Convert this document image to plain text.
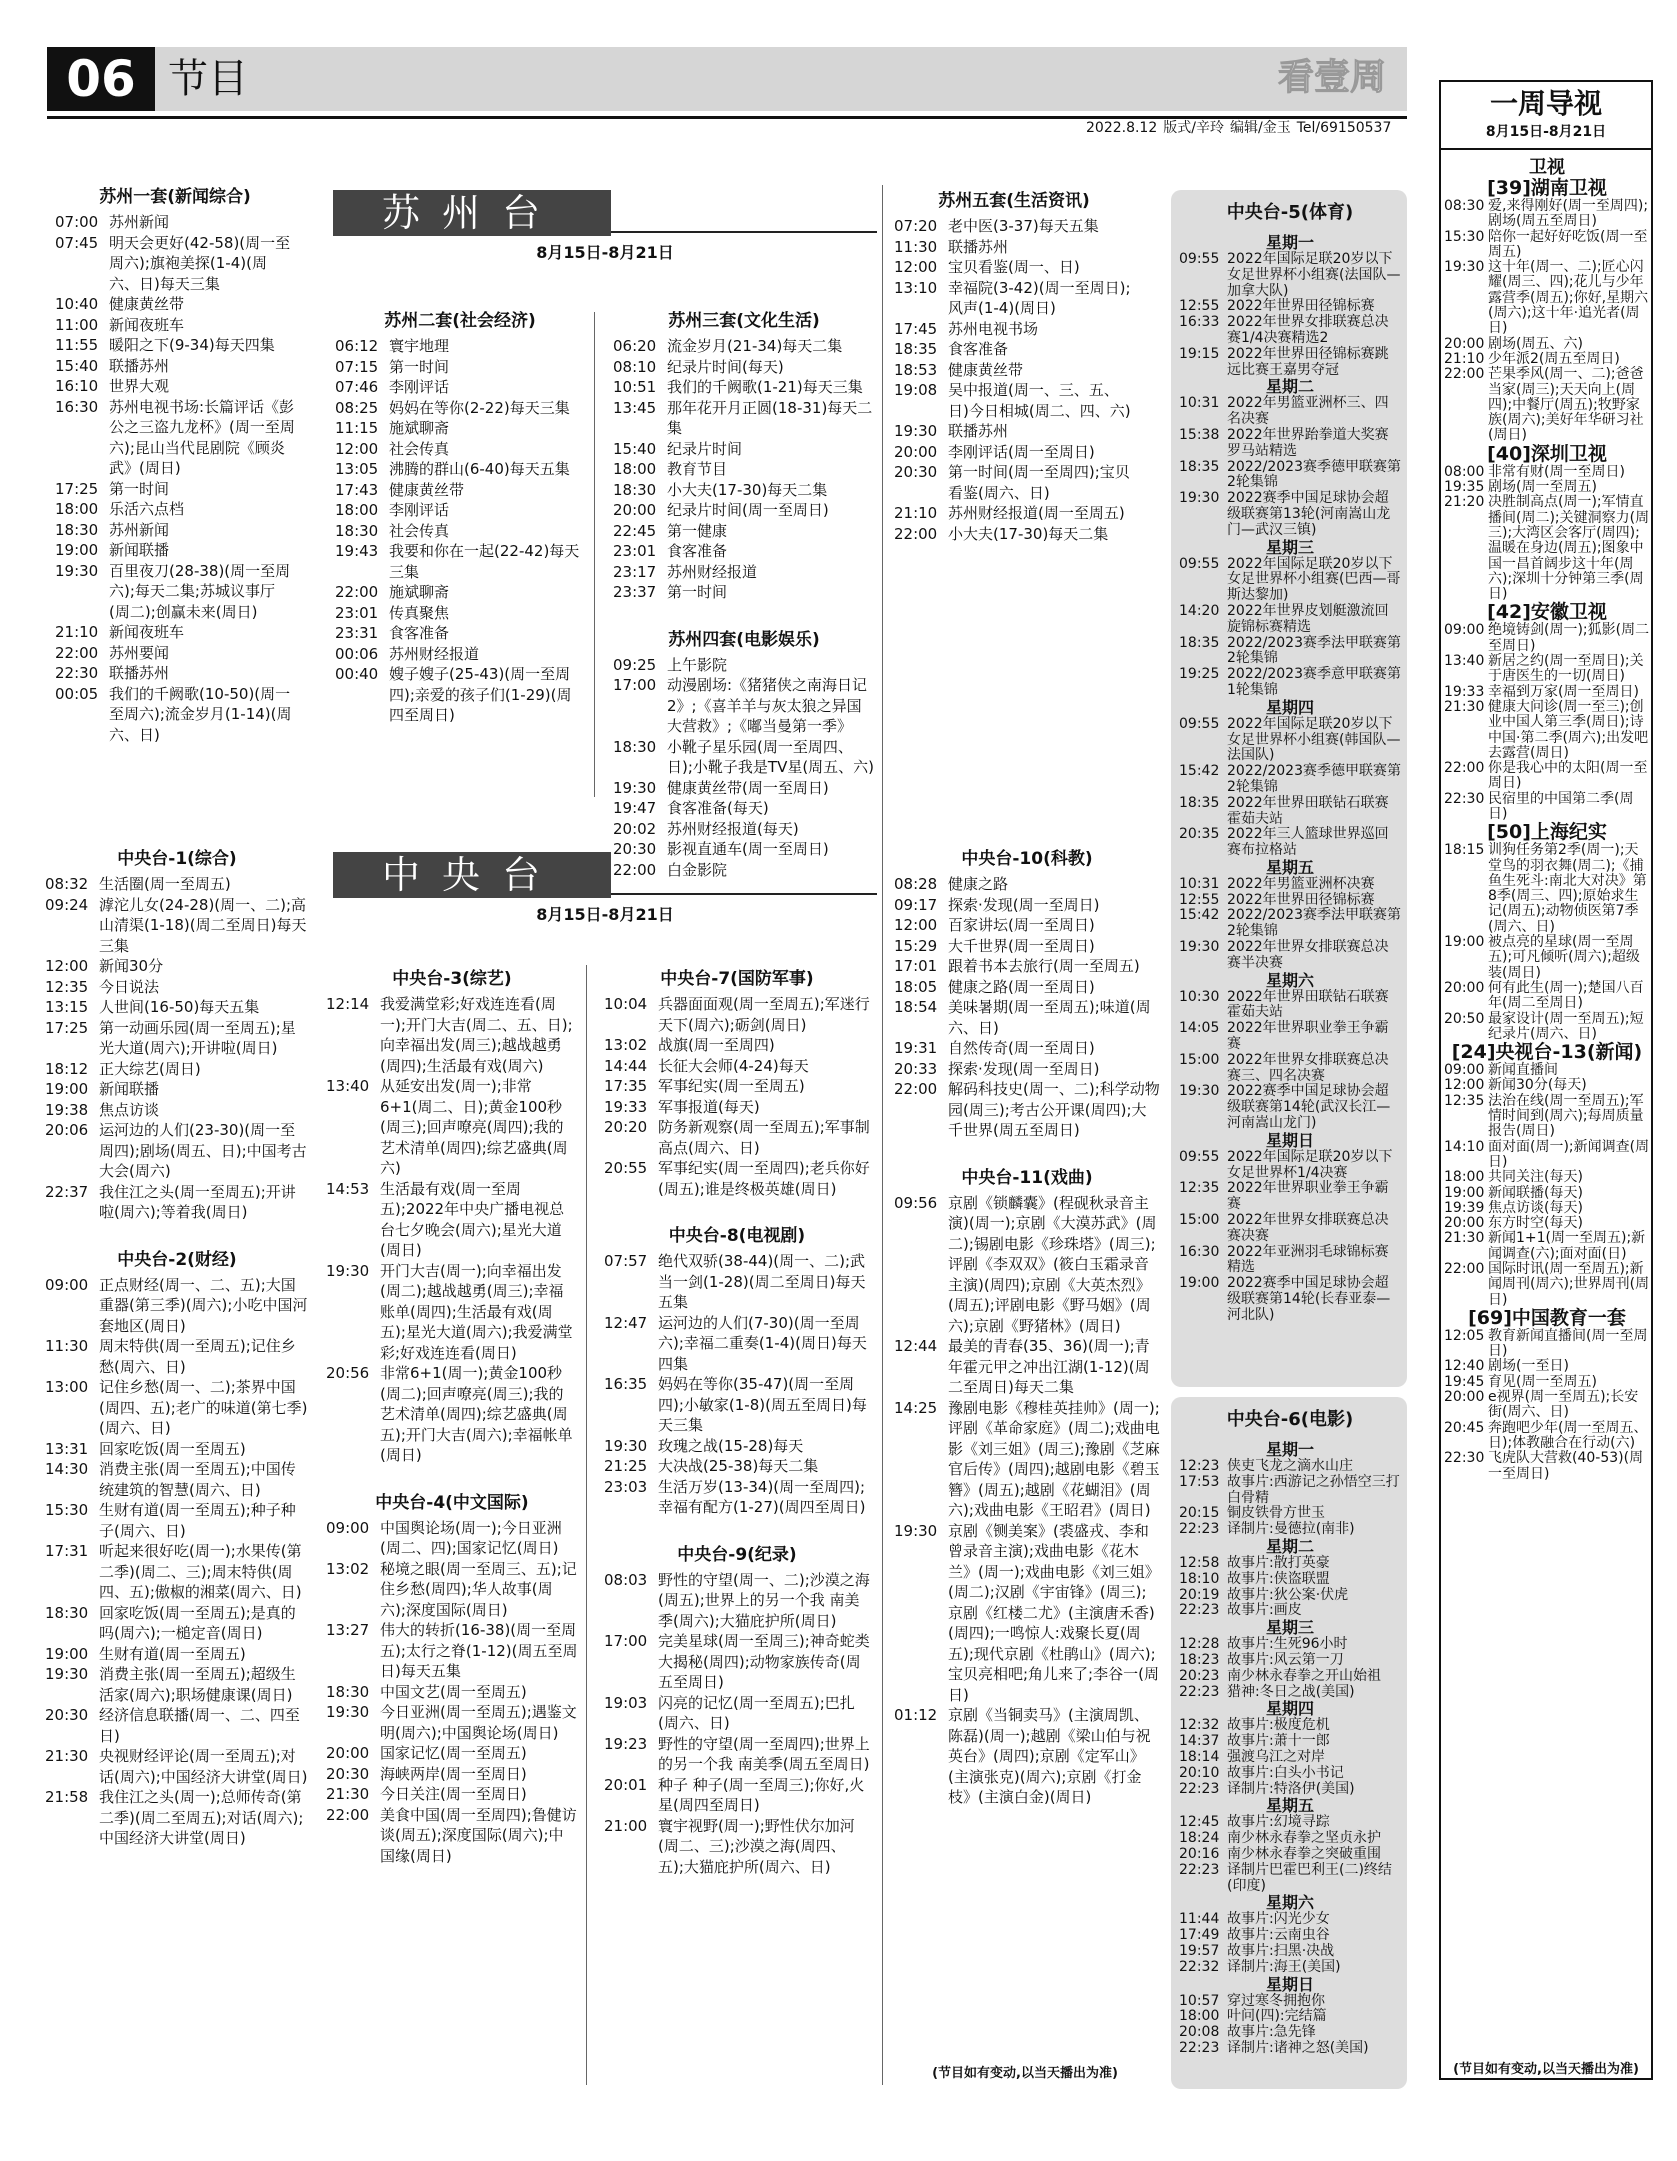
06 节目	看壹周
2022.8.12 版式/辛玲 编辑/金玉 Tel/69150537
苏州台
8月15日-8月21日
中央台
8月15日-8月21日
一周导视
8月15日-8月21日
苏州一套(新闻综合)
07:00 苏州新闻
07:45 明天会更好(42-58)(周一至周六);旗袍美探(1-4)(周六、日)每天三集
10:40 健康黄丝带
11:00 新闻夜班车
11:55 暖阳之下(9-34)每天四集
15:40 联播苏州
16:10 世界大观
16:30 苏州电视书场:长篇评话《彭公之三盗九龙杯》(周一至周六);昆山当代昆剧院《顾炎武》(周日)
17:25 第一时间
18:00 乐活六点档
18:30 苏州新闻
19:00 新闻联播
19:30 百里夜刀(28-38)(周一至周六);每天二集;苏城议事厅(周二);创赢未来(周日)
21:10 新闻夜班车
22:00 苏州要闻
22:30 联播苏州
00:05 我们的千阙歌(10-50)(周一至周六);流金岁月(1-14)(周六、日)
苏州二套(社会经济)
06:12 寰宇地理
07:15 第一时间
07:46 李刚评话
08:25 妈妈在等你(2-22)每天三集
11:15 施斌聊斋
12:00 社会传真
13:05 沸腾的群山(6-40)每天五集
17:43 健康黄丝带
18:00 李刚评话
18:30 社会传真
19:43 我要和你在一起(22-42)每天三集
22:00 施斌聊斋
23:01 传真聚焦
23:31 食客准备
00:06 苏州财经报道
00:40 嫂子嫂子(25-43)(周一至周四);亲爱的孩子们(1-29)(周四至周日)
苏州三套(文化生活)
06:20 流金岁月(21-34)每天二集
08:10 纪录片时间(每天)
10:51 我们的千阙歌(1-21)每天三集
13:45 那年花开月正圆(18-31)每天二集
15:40 纪录片时间
18:00 教育节目
18:30 小大夫(17-30)每天二集
20:00 纪录片时间(周一至周日)
22:45 第一健康
23:01 食客准备
23:17 苏州财经报道
23:37 第一时间
苏州四套(电影娱乐)
09:25 上午影院
17:00 动漫剧场:《猪猪侠之南海日记2》;《喜羊羊与灰太狼之异国大营救》;《嘟当曼第一季》
18:30 小靴子星乐园(周一至周四、日);小靴子我是TV星(周五、六)
19:30 健康黄丝带(周一至周日)
19:47 食客准备(每天)
20:02 苏州财经报道(每天)
20:30 影视直通车(周一至周日)
22:00 白金影院
苏州五套(生活资讯)
07:20 老中医(3-37)每天五集
11:30 联播苏州
12:00 宝贝看鉴(周一、日)
13:10 幸福院(3-42)(周一至周日);风声(1-4)(周日)
17:45 苏州电视书场
18:35 食客准备
18:53 健康黄丝带
19:08 吴中报道(周一、三、五、日)今日相城(周二、四、六)
19:30 联播苏州
20:00 李刚评话(周一至周日)
20:30 第一时间(周一至周四);宝贝看鉴(周六、日)
21:10 苏州财经报道(周一至周五)
22:00 小大夫(17-30)每天二集
中央台-1(综合)
08:32 生活圈(周一至周五)
09:24 滹沱儿女(24-28)(周一、二);高山清渠(1-18)(周二至周日)每天三集
12:00 新闻30分
12:35 今日说法
13:15 人世间(16-50)每天五集
17:25 第一动画乐园(周一至周五);星光大道(周六);开讲啦(周日)
18:12 正大综艺(周日)
19:00 新闻联播
19:38 焦点访谈
20:06 运河边的人们(23-30)(周一至周四);剧场(周五、日);中国考古大会(周六)
22:37 我住江之头(周一至周五);开讲啦(周六);等着我(周日)
中央台-2(财经)
09:00 正点财经(周一、二、五);大国重器(第三季)(周六);小吃中国河套地区(周日)
11:30 周末特供(周一至周五);记住乡愁(周六、日)
13:00 记住乡愁(周一、二);茶界中国(周四、五);老广的味道(第七季)(周六、日)
13:31 回家吃饭(周一至周五)
14:30 消费主张(周一至周五);中国传统建筑的智慧(周六、日)
15:30 生财有道(周一至周五);种子种子(周六、日)
17:31 听起来很好吃(周一);水果传(第二季)(周二、三);周末特供(周四、五);傲椒的湘菜(周六、日)
18:30 回家吃饭(周一至周五);是真的吗(周六);一槌定音(周日)
19:00 生财有道(周一至周五)
19:30 消费主张(周一至周五);超级生活家(周六);职场健康课(周日)
20:30 经济信息联播(周一、二、四至日)
21:30 央视财经评论(周一至周五);对话(周六);中国经济大讲堂(周日)
21:58 我住江之头(周一);总师传奇(第二季)(周二至周五);对话(周六);中国经济大讲堂(周日)
中央台-3(综艺)
12:14 我爱满堂彩;好戏连连看(周一);开门大吉(周二、五、日);向幸福出发(周三);越战越勇(周四);生活最有戏(周六)
13:40 从延安出发(周一);非常6+1(周二、日);黄金100秒(周三);回声嘹亮(周四);我的艺术清单(周四);综艺盛典(周六)
14:53 生活最有戏(周一至周五);2022年中央广播电视总台七夕晚会(周六);星光大道(周日)
19:30 开门大吉(周一);向幸福出发(周二);越战越勇(周三);幸福账单(周四);生活最有戏(周五);星光大道(周六);我爱满堂彩;好戏连连看(周日)
20:56 非常6+1(周一);黄金100秒(周二);回声嘹亮(周三);我的艺术清单(周四);综艺盛典(周五);开门大吉(周六);幸福帐单(周日)
中央台-4(中文国际)
09:00 中国舆论场(周一);今日亚洲(周二、四);国家记忆(周日)
13:02 秘境之眼(周一至周三、五);记住乡愁(周四);华人故事(周六);深度国际(周日)
13:27 伟大的转折(16-38)(周一至周五);太行之脊(1-12)(周五至周日)每天五集
18:30 中国文艺(周一至周五)
19:30 今日亚洲(周一至周五);遇鉴文明(周六);中国舆论场(周日)
20:00 国家记忆(周一至周五)
20:30 海峡两岸(周一至周日)
21:30 今日关注(周一至周日)
22:00 美食中国(周一至周四);鲁健访谈(周五);深度国际(周六);中国缘(周日)
中央台-7(国防军事)
10:04 兵器面面观(周一至周五);军迷行天下(周六);砺剑(周日)
13:02 战旗(周一至周四)
14:44 长征大会师(4-24)每天
17:35 军事纪实(周一至周五)
19:33 军事报道(每天)
20:20 防务新观察(周一至周五);军事制高点(周六、日)
20:55 军事纪实(周一至周四);老兵你好(周五);谁是终极英雄(周日)
中央台-8(电视剧)
07:57 绝代双骄(38-44)(周一、二);武当一剑(1-28)(周二至周日)每天五集
12:47 运河边的人们(7-30)(周一至周六);幸福二重奏(1-4)(周日)每天四集
16:35 妈妈在等你(35-47)(周一至周四);小敏家(1-8)(周五至周日)每天三集
19:30 玫瑰之战(15-28)每天
21:25 大决战(25-38)每天二集
23:03 生活万岁(13-34)(周一至周四);幸福有配方(1-27)(周四至周日)
中央台-9(纪录)
08:03 野性的守望(周一、二);沙漠之海(周五);世界上的另一个我 南美季(周六);大猫庇护所(周日)
17:00 完美星球(周一至周三);神奇蛇类大揭秘(周四);动物家族传奇(周五至周日)
19:03 闪亮的记忆(周一至周五);巴扎(周六、日)
19:23 野性的守望(周一至周四);世界上的另一个我 南美季(周五至周日)
20:01 种子 种子(周一至周三);你好,火星(周四至周日)
21:00 寰宇视野(周一);野性伏尔加河(周二、三);沙漠之海(周四、五);大猫庇护所(周六、日)
中央台-10(科教)
08:28 健康之路
09:17 探索·发现(周一至周日)
12:00 百家讲坛(周一至周日)
15:29 大千世界(周一至周日)
17:01 跟着书本去旅行(周一至周五)
18:05 健康之路(周一至周日)
18:54 美味暑期(周一至周五);味道(周六、日)
19:31 自然传奇(周一至周日)
20:33 探索·发现(周一至周日)
22:00 解码科技史(周一、二);科学动物园(周三);考古公开课(周四);大千世界(周五至周日)
中央台-11(戏曲)
09:56 京剧《锁麟囊》(程砚秋录音主演)(周一);京剧《大漠苏武》(周二);锡剧电影《珍珠塔》(周三);评剧《李双双》(筱白玉霜录音主演)(周四);京剧《大英杰烈》(周五);评剧电影《野马姻》(周六);京剧《野猪林》(周日)
12:44 最美的青春(35、36)(周一);青年霍元甲之冲出江湖(1-12)(周二至周日)每天二集
14:25 豫剧电影《穆桂英挂帅》(周一);评剧《革命家庭》(周二);戏曲电影《刘三姐》(周三);豫剧《芝麻官后传》(周四);越剧电影《碧玉簪》(周五);越剧《花蝴泪》(周六);戏曲电影《王昭君》(周日)
19:30 京剧《铡美案》(裘盛戎、李和曾录音主演);戏曲电影《花木兰》(周一);戏曲电影《刘三姐》(周二);汉剧《宇宙锋》(周三);京剧《红楼二尤》(主演唐禾香)(周四);一鸣惊人:戏聚长夏(周五);现代京剧《杜鹃山》(周六);宝贝亮相吧;角儿来了;李谷一(周日)
01:12 京剧《当铜卖马》(主演周凯、陈磊)(周一);越剧《梁山伯与祝英台》(周四);京剧《定军山》(主演张克)(周六);京剧《打金枝》(主演白金)(周日)
(节目如有变动,以当天播出为准)
中央台-5(体育)
星期一
09:55 2022年国际足联20岁以下女足世界杯小组赛(法国队—加拿大队)
12:55 2022年世界田径锦标赛
16:33 2022年世界女排联赛总决赛1/4决赛精选2
19:15 2022年世界田径锦标赛跳远比赛王嘉男夺冠
星期二
10:31 2022年男篮亚洲杯三、四名决赛
15:38 2022年世界跆拳道大奖赛罗马站精选
18:35 2022/2023赛季德甲联赛第2轮集锦
19:30 2022赛季中国足球协会超级联赛第13轮(河南嵩山龙门—武汉三镇)
星期三
09:55 2022年国际足联20岁以下女足世界杯小组赛(巴西—哥斯达黎加)
14:20 2022年世界皮划艇激流回旋锦标赛精选
18:35 2022/2023赛季法甲联赛第2轮集锦
19:25 2022/2023赛季意甲联赛第1轮集锦
星期四
09:55 2022年国际足联20岁以下女足世界杯小组赛(韩国队—法国队)
15:42 2022/2023赛季德甲联赛第2轮集锦
18:35 2022年世界田联钻石联赛霍茹夫站
20:35 2022年三人篮球世界巡回赛布拉格站
星期五
10:31 2022年男篮亚洲杯决赛
12:55 2022年世界田径锦标赛
15:42 2022/2023赛季法甲联赛第2轮集锦
19:30 2022年世界女排联赛总决赛半决赛
星期六
10:30 2022年世界田联钻石联赛霍茹夫站
14:05 2022年世界职业拳王争霸赛
15:00 2022年世界女排联赛总决赛三、四名决赛
19:30 2022赛季中国足球协会超级联赛第14轮(武汉长江—河南嵩山龙门)
星期日
09:55 2022年国际足联20岁以下女足世界杯1/4决赛
12:35 2022年世界职业拳王争霸赛
15:00 2022年世界女排联赛总决赛决赛
16:30 2022年亚洲羽毛球锦标赛精选
19:00 2022赛季中国足球协会超级联赛第14轮(长春亚泰—河北队)
中央台-6(电影)
星期一
12:23 侠吏飞龙之滴水山庄
17:53 故事片:西游记之孙悟空三打白骨精
20:15 铜皮铁骨方世玉
22:23 译制片:曼德拉(南非)
星期二
12:58 故事片:散打英豪
18:10 故事片:侠盗联盟
20:19 故事片:狄公案·伏虎
22:23 故事片:画皮
星期三
12:28 故事片:生死96小时
18:23 故事片:风云第一刀
20:23 南少林永春拳之开山始祖
22:23 猎神:冬日之战(美国)
星期四
12:32 故事片:极度危机
14:37 故事片:萧十一郎
18:14 强渡乌江之对岸
20:10 故事片:白头小书记
22:23 译制片:特洛伊(美国)
星期五
12:45 故事片:幻境寻踪
18:24 南少林永春拳之坚贞永护
20:16 南少林永春拳之突破重围
22:23 译制片巴霍巴利王(二)终结(印度)
星期六
11:44 故事片:闪光少女
17:49 故事片:云南虫谷
19:57 故事片:扫黑·决战
22:32 译制片:海王(美国)
星期日
10:57 穿过寒冬拥抱你
18:00 叶问(四):完结篇
20:08 故事片:急先锋
22:23 译制片:诸神之怒(美国)
卫视
[39]湖南卫视
08:30 爱,来得刚好(周一至周四);剧场(周五至周日)
15:30 陪你一起好好吃饭(周一至周五)
19:30 这十年(周一、二);匠心闪耀(周三、四);花儿与少年露营季(周五);你好,星期六(周六);这十年·追光者(周日)
20:00 剧场(周五、六)
21:10 少年派2(周五至周日)
22:00 芒果季风(周一、二);爸爸当家(周三);天天向上(周四);中餐厅(周五);牧野家族(周六);美好年华研习社(周日)
[40]深圳卫视
08:00 非常有财(周一至周日)
19:35 剧场(周一至周五)
21:20 决胜制高点(周一);军情直播间(周二);关键洞察力(周三);大湾区会客厅(周四);温暖在身边(周五);图象中国一昌首阔步这十年(周六);深圳十分钟第三季(周日)
[42]安徽卫视
09:00 绝境铸剑(周一);狐影(周二至周日)
13:40 新居之约(周一至周日);关于唐医生的一切(周日)
19:33 幸福到万家(周一至周日)
21:30 健康大问诊(周一至三);创业中国人第三季(周日);诗中国·第二季(周六);出发吧去露营(周日)
22:00 你是我心中的太阳(周一至周日)
22:30 民宿里的中国第二季(周日)
[50]上海纪实
18:15 训狗任务第2季(周一);天堂鸟的羽衣舞(周二);《捕鱼生死斗:南北大对决》第8季(周三、四);原始求生记(周五);动物侦医第7季(周六、日)
19:00 被点亮的星球(周一至周五);可凡倾听(周六);超级装(周日)
20:00 何有此生(周一);楚国八百年(周二至周日)
20:50 最家设计(周一至周五);短纪录片(周六、日)
[24]央视台-13(新闻)
09:00 新闻直播间
12:00 新闻30分(每天)
12:35 法治在线(周一至周五);军情时间到(周六);每周质量报告(周日)
14:10 面对面(周一);新闻调查(周日)
18:00 共同关注(每天)
19:00 新闻联播(每天)
19:39 焦点访谈(每天)
20:00 东方时空(每天)
21:30 新闻1+1(周一至周五);新闻调查(六);面对面(日)
22:00 国际时讯(周一至周五);新闻周刊(周六);世界周刊(周日)
[69]中国教育一套
12:05 教育新闻直播间(周一至周日)
12:40 剧场(一至日)
19:45 育见(周一至周五)
20:00 e视界(周一至周五);长安街(周六、日)
20:45 奔跑吧少年(周一至周五、日);体教融合在行动(六)
22:30 飞虎队大营救(40-53)(周一至周日)
(节目如有变动,以当天播出为准)
